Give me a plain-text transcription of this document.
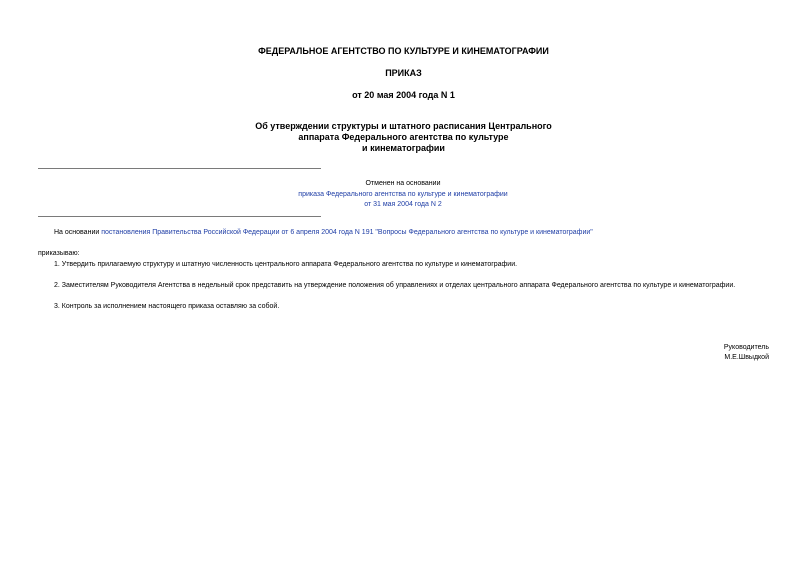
ФЕДЕРАЛЬНОЕ АГЕНТСТВО ПО КУЛЬТУРЕ И КИНЕМАТОГРАФИИ
ПРИКАЗ
от 20 мая 2004 года N 1
Об утверждении структуры и штатного расписания Центрального
аппарата Федерального агентства по культуре
и кинематографии
Отменен на основании
приказа Федерального агентства по культуре и кинематографии
от 31 мая 2004 года N 2
На основании постановления Правительства Российской Федерации от 6 апреля 2004 года N 191 "Вопросы Федерального агентства по культуре и кинематографии"
приказываю:
1. Утвердить прилагаемую структуру и штатную численность центрального аппарата Федерального агентства по культуре и кинематографии.
2. Заместителям Руководителя Агентства в недельный срок представить на утверждение положения об управлениях и отделах центрального аппарата Федерального агентства по культуре и кинематографии.
3. Контроль за исполнением настоящего приказа оставляю за собой.
Руководитель
М.Е.Швыдкой
